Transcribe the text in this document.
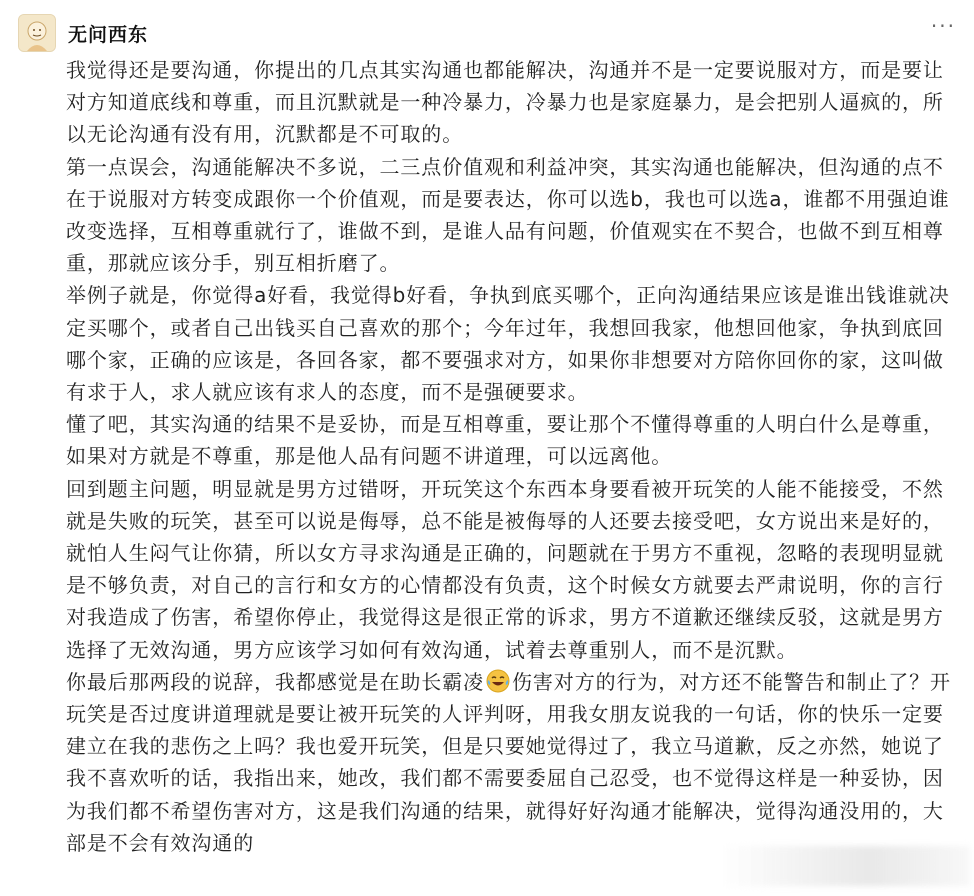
无问西东	···

我觉得还是要沟通，你提出的几点其实沟通也都能解决，沟通并不是一定要说服对方，而是要让对方知道底线和尊重，而且沉默就是一种冷暴力，冷暴力也是家庭暴力，是会把别人逼疯的，所以无论沟通有没有用，沉默都是不可取的。

第一点误会，沟通能解决不多说，二三点价值观和利益冲突，其实沟通也能解决，但沟通的点不在于说服对方转变成跟你一个价值观，而是要表达，你可以选b，我也可以选a，谁都不用强迫谁改变选择，互相尊重就行了，谁做不到，是谁人品有问题，价值观实在不契合，也做不到互相尊重，那就应该分手，别互相折磨了。

举例子就是，你觉得a好看，我觉得b好看，争执到底买哪个，正向沟通结果应该是谁出钱谁就决定买哪个，或者自己出钱买自己喜欢的那个；今年过年，我想回我家，他想回他家，争执到底回哪个家，正确的应该是，各回各家，都不要强求对方，如果你非想要对方陪你回你的家，这叫做有求于人，求人就应该有求人的态度，而不是强硬要求。

懂了吧，其实沟通的结果不是妥协，而是互相尊重，要让那个不懂得尊重的人明白什么是尊重，如果对方就是不尊重，那是他人品有问题不讲道理，可以远离他。

回到题主问题，明显就是男方过错呀，开玩笑这个东西本身要看被开玩笑的人能不能接受，不然就是失败的玩笑，甚至可以说是侮辱，总不能是被侮辱的人还要去接受吧，女方说出来是好的，就怕人生闷气让你猜，所以女方寻求沟通是正确的，问题就在于男方不重视，忽略的表现明显就是不够负责，对自己的言行和女方的心情都没有负责，这个时候女方就要去严肃说明，你的言行对我造成了伤害，希望你停止，我觉得这是很正常的诉求，男方不道歉还继续反驳，这就是男方选择了无效沟通，男方应该学习如何有效沟通，试着去尊重别人，而不是沉默。

你最后那两段的说辞，我都感觉是在助长霸凌 伤害对方的行为，对方还不能警告和制止了？开玩笑是否过度讲道理就是要让被开玩笑的人评判呀，用我女朋友说我的一句话，你的快乐一定要建立在我的悲伤之上吗？我也爱开玩笑，但是只要她觉得过了，我立马道歉，反之亦然，她说了我不喜欢听的话，我指出来，她改，我们都不需要委屈自己忍受，也不觉得这样是一种妥协，因为我们都不希望伤害对方，这是我们沟通的结果，就得好好沟通才能解决，觉得沟通没用的，大部是不会有效沟通的
